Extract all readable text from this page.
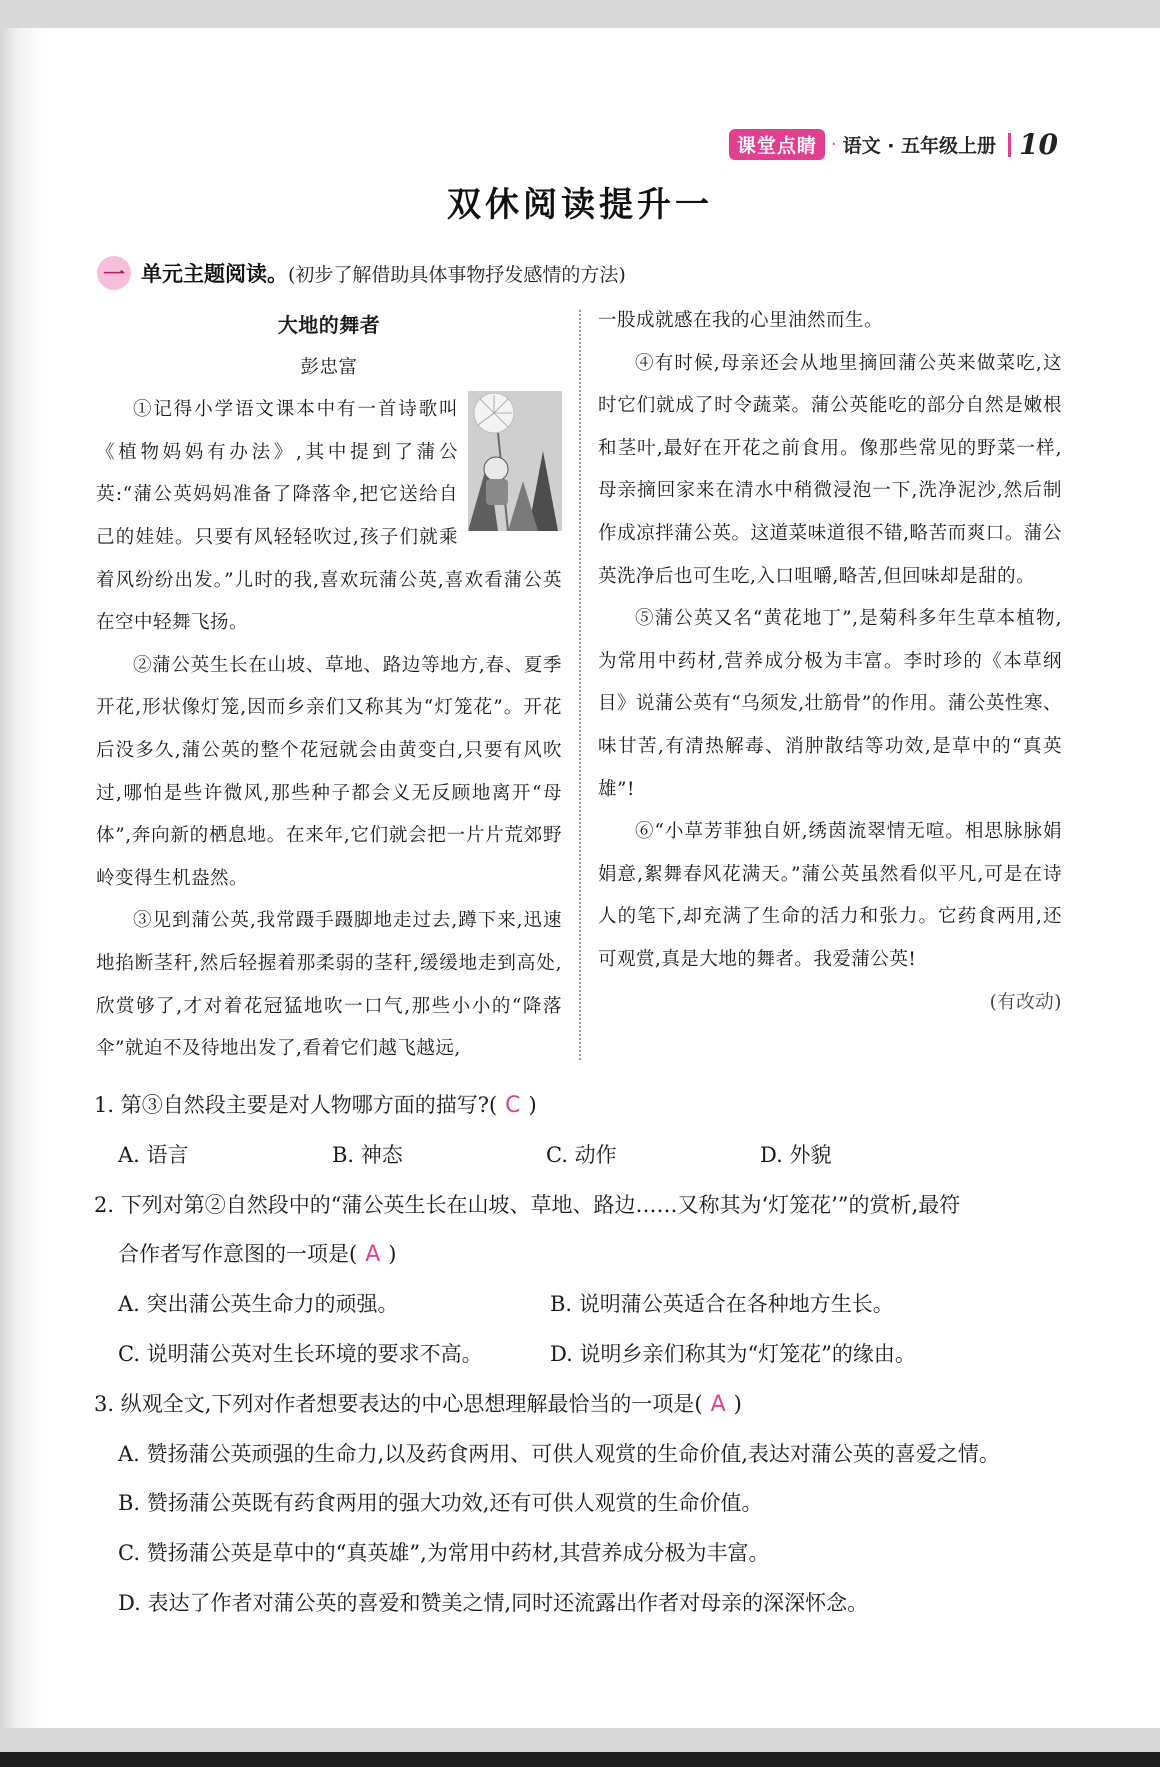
课堂点睛 · 语文 · 五年级上册 10
双休阅读提升一
一 单元主题阅读。 (初步了解借助具体事物抒发感情的方法)

大地的舞者

彭忠富

①记得小学语文课本中有一首诗歌叫《植物妈妈有办法》,其中提到了蒲公英:“蒲公英妈妈准备了降落伞,把它送给自己的娃娃。只要有风轻轻吹过,孩子们就乘着风纷纷出发。”儿时的我,喜欢玩蒲公英,喜欢看蒲公英在空中轻舞飞扬。

②蒲公英生长在山坡、草地、路边等地方,春、夏季开花,形状像灯笼,因而乡亲们又称其为“灯笼花”。开花后没多久,蒲公英的整个花冠就会由黄变白,只要有风吹过,哪怕是些许微风,那些种子都会义无反顾地离开“母体”,奔向新的栖息地。在来年,它们就会把一片片荒郊野岭变得生机盎然。

③见到蒲公英,我常蹑手蹑脚地走过去,蹲下来,迅速地掐断茎秆,然后轻握着那柔弱的茎秆,缓缓地走到高处,欣赏够了,才对着花冠猛地吹一口气,那些小小的“降落伞”就迫不及待地出发了,看着它们越飞越远,

一股成就感在我的心里油然而生。

④有时候,母亲还会从地里摘回蒲公英来做菜吃,这时它们就成了时令蔬菜。蒲公英能吃的部分自然是嫩根和茎叶,最好在开花之前食用。像那些常见的野菜一样,母亲摘回家来在清水中稍微浸泡一下,洗净泥沙,然后制作成凉拌蒲公英。这道菜味道很不错,略苦而爽口。蒲公英洗净后也可生吃,入口咀嚼,略苦,但回味却是甜的。

⑤蒲公英又名“黄花地丁”,是菊科多年生草本植物,为常用中药材,营养成分极为丰富。李时珍的《本草纲目》说蒲公英有“乌须发,壮筋骨”的作用。蒲公英性寒、味甘苦,有清热解毒、消肿散结等功效,是草中的“真英雄”!

⑥“小草芳菲独自妍,绣茵流翠情无喧。相思脉脉娟娟意,絮舞春风花满天。”蒲公英虽然看似平凡,可是在诗人的笔下,却充满了生命的活力和张力。它药食两用,还可观赏,真是大地的舞者。我爱蒲公英!

(有改动)

1. 第③自然段主要是对人物哪方面的描写?( C )
A. 语言	B. 神态	C. 动作	D. 外貌
2. 下列对第②自然段中的“蒲公英生长在山坡、草地、路边……又称其为‘灯笼花’”的赏析,最符
合作者写作意图的一项是( A )
A. 突出蒲公英生命力的顽强。	B. 说明蒲公英适合在各种地方生长。
C. 说明蒲公英对生长环境的要求不高。	D. 说明乡亲们称其为“灯笼花”的缘由。
3. 纵观全文,下列对作者想要表达的中心思想理解最恰当的一项是( A )
A. 赞扬蒲公英顽强的生命力,以及药食两用、可供人观赏的生命价值,表达对蒲公英的喜爱之情。
B. 赞扬蒲公英既有药食两用的强大功效,还有可供人观赏的生命价值。
C. 赞扬蒲公英是草中的“真英雄”,为常用中药材,其营养成分极为丰富。
D. 表达了作者对蒲公英的喜爱和赞美之情,同时还流露出作者对母亲的深深怀念。
